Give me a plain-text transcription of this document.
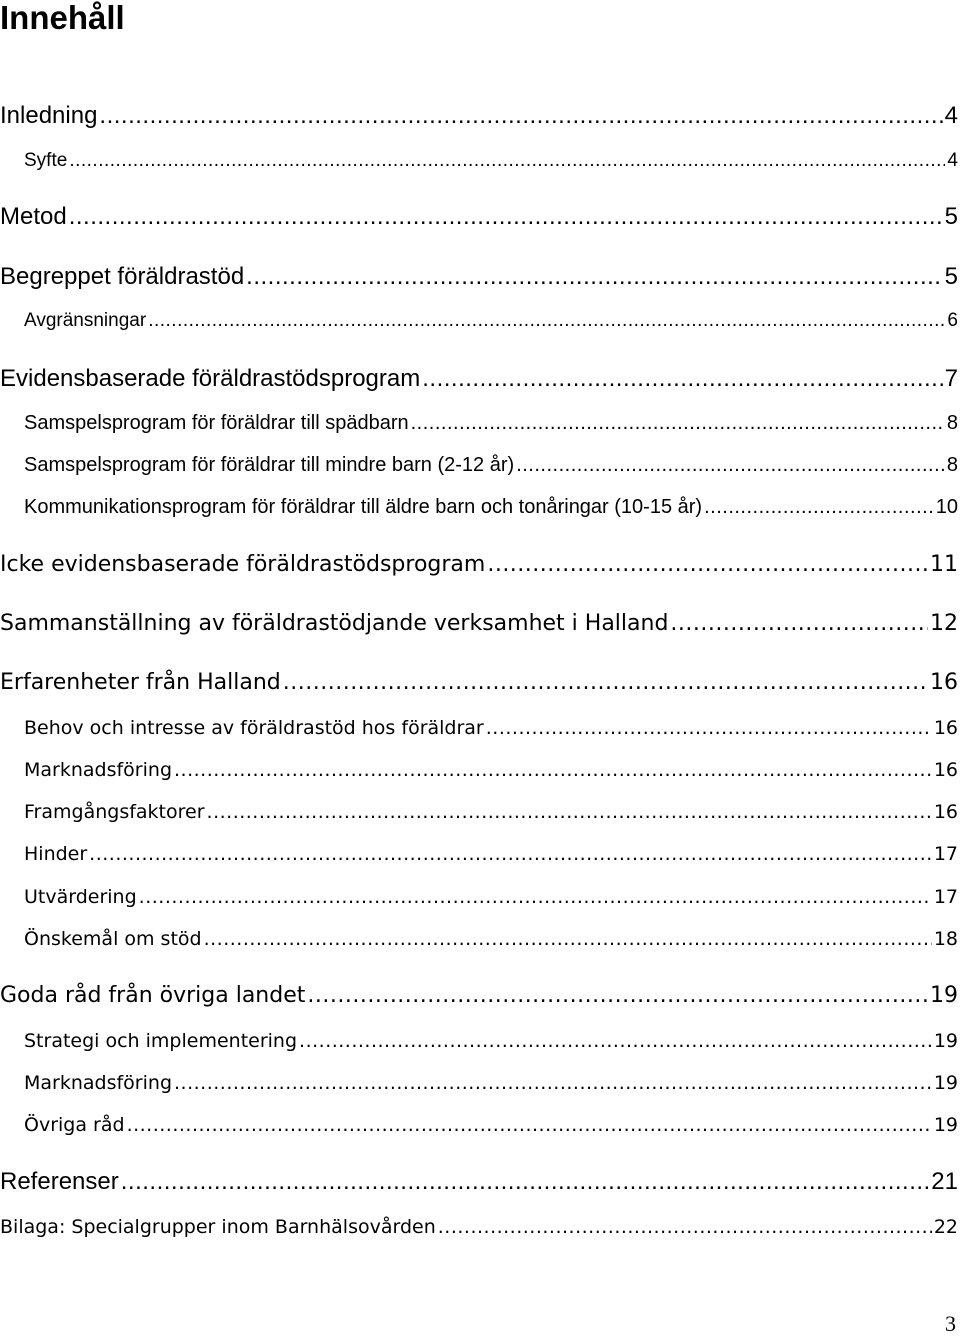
Innehåll
Inledning .....	4
Syfte .....	4
Metod .....	5
Begreppet föräldrastöd .....	5
Avgränsningar .....	6
Evidensbaserade föräldrastödsprogram .....	7
Samspelsprogram för föräldrar till spädbarn .....	8
Samspelsprogram för föräldrar till mindre barn (2-12 år) .....	8
Kommunikationsprogram för föräldrar till äldre barn och tonåringar (10-15 år) .....	10
Icke evidensbaserade föräldrastödsprogram .....	11
Sammanställning av föräldrastödjande verksamhet i Halland .....	12
Erfarenheter från Halland .....	16
Behov och intresse av föräldrastöd hos föräldrar .....	16
Marknadsföring .....	16
Framgångsfaktorer .....	16
Hinder .....	17
Utvärdering .....	17
Önskemål om stöd .....	18
Goda råd från övriga landet .....	19
Strategi och implementering .....	19
Marknadsföring .....	19
Övriga råd .....	19
Referenser .....	21
Bilaga: Specialgrupper inom Barnhälsovården .....	22
3
